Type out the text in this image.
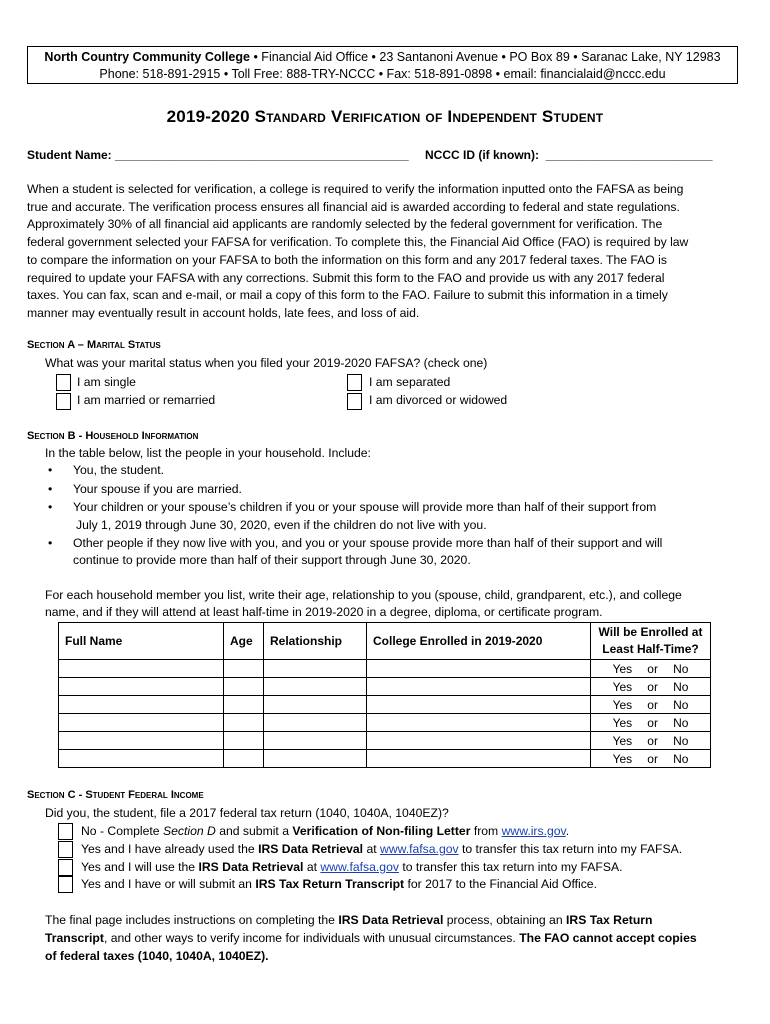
North Country Community College • Financial Aid Office • 23 Santanoni Avenue • PO Box 89 • Saranac Lake, NY 12983
Phone: 518-891-2915 • Toll Free: 888-TRY-NCCC • Fax: 518-891-0898 • email: financialaid@nccc.edu
2019-2020 Standard Verification of Independent Student
Student Name: ____________________________________________ NCCC ID (if known):  _________________________
When a student is selected for verification, a college is required to verify the information inputted onto the FAFSA as being
true and accurate. The verification process ensures all financial aid is awarded according to federal and state regulations.
Approximately 30% of all financial aid applicants are randomly selected by the federal government for verification. The
federal government selected your FAFSA for verification. To complete this, the Financial Aid Office (FAO) is required by law
to compare the information on your FAFSA to both the information on this form and any 2017 federal taxes. The FAO is
required to update your FAFSA with any corrections. Submit this form to the FAO and provide us with any 2017 federal
taxes. You can fax, scan and e-mail, or mail a copy of this form to the FAO. Failure to submit this information in a timely
manner may eventually result in account holds, late fees, and loss of aid.
Section A – Marital Status
What was your marital status when you filed your 2019-2020 FAFSA? (check one)
I am single
I am married or remarried
I am separated
I am divorced or widowed
Section B - Household Information
In the table below, list the people in your household. Include:
• You, the student.
• Your spouse if you are married.
• Your children or your spouse’s children if you or your spouse will provide more than half of their support from
July 1, 2019 through June 30, 2020, even if the children do not live with you.
• Other people if they now live with you, and you or your spouse provide more than half of their support and will
continue to provide more than half of their support through June 30, 2020.
For each household member you list, write their age, relationship to you (spouse, child, grandparent, etc.), and college
name, and if they will attend at least half-time in 2019-2020 in a degree, diploma, or certificate program.
Full Name	Age	Relationship	College Enrolled in 2019-2020	Will be Enrolled at
Least Half-Time?

				Yes or No

				Yes or No

				Yes or No

				Yes or No

				Yes or No

				Yes or No
Section C - Student Federal Income
Did you, the student, file a 2017 federal tax return (1040, 1040A, 1040EZ)?
No - Complete Section D and submit a Verification of Non-filing Letter from www.irs.gov.
Yes and I have already used the IRS Data Retrieval at www.fafsa.gov to transfer this tax return into my FAFSA.
Yes and I will use the IRS Data Retrieval at www.fafsa.gov to transfer this tax return into my FAFSA.
Yes and I have or will submit an IRS Tax Return Transcript for 2017 to the Financial Aid Office.
The final page includes instructions on completing the IRS Data Retrieval process, obtaining an IRS Tax Return
Transcript, and other ways to verify income for individuals with unusual circumstances. The FAO cannot accept copies
of federal taxes (1040, 1040A, 1040EZ).
